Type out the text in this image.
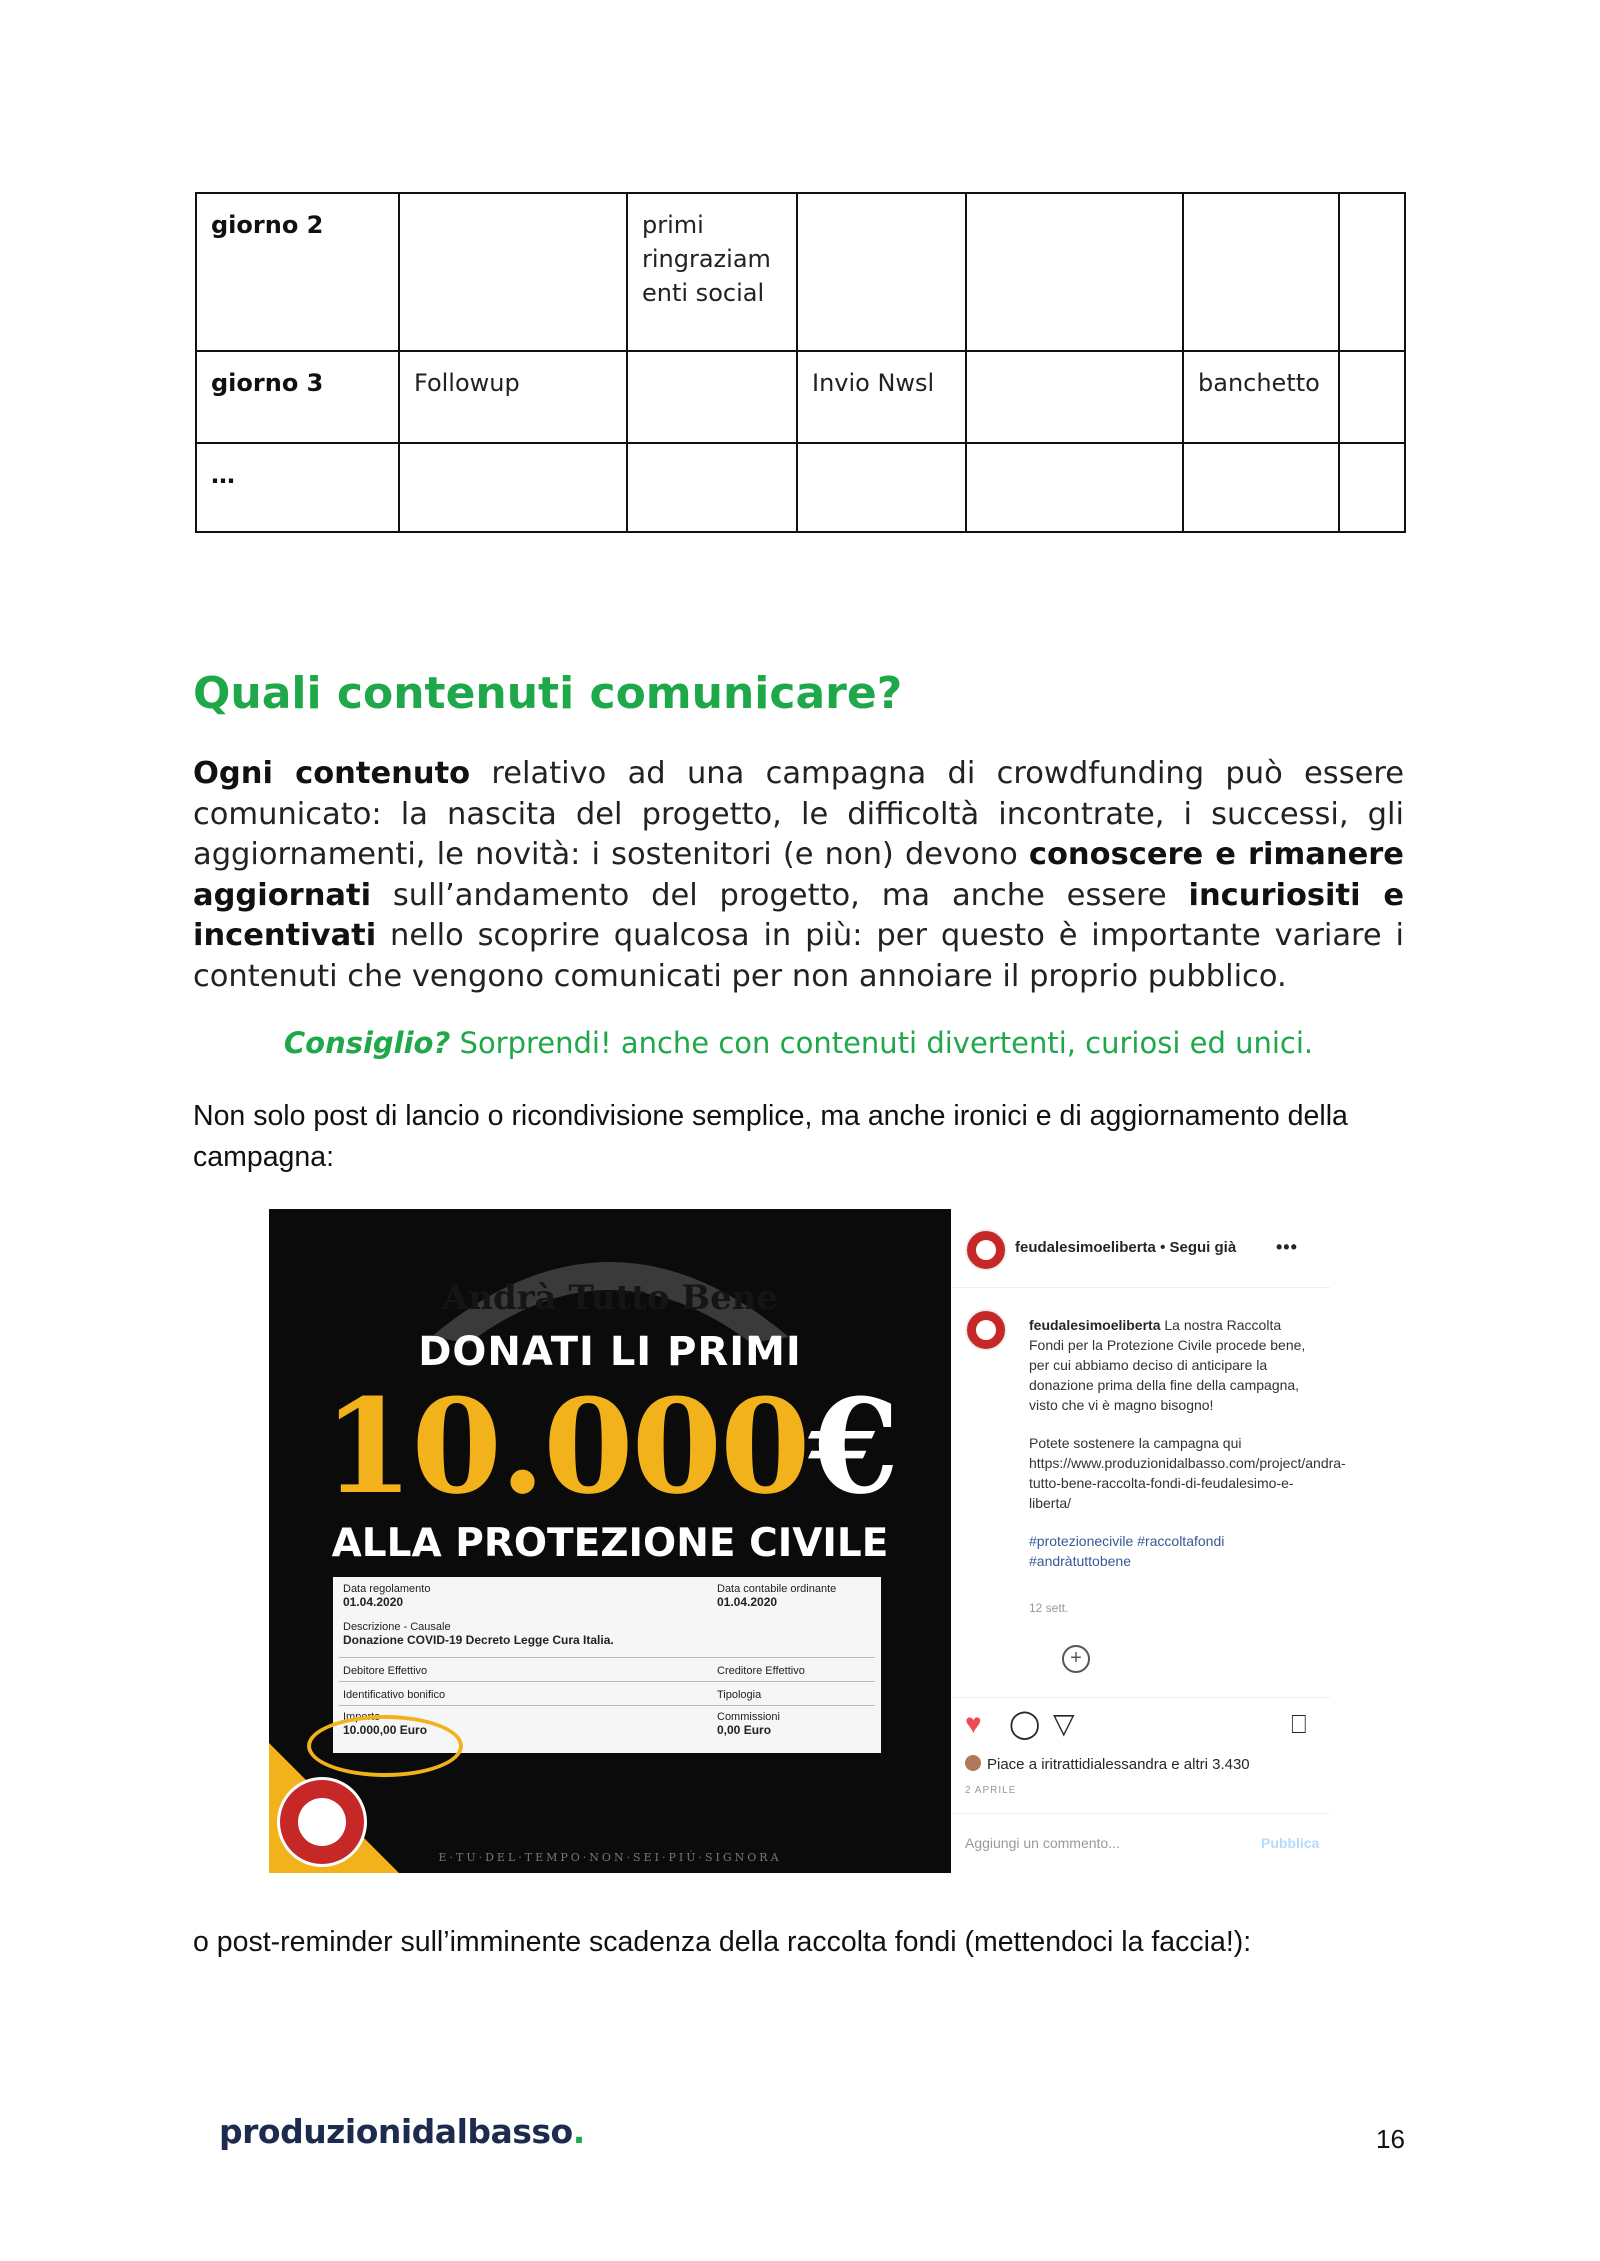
giorno 2		primi ringraziam enti social				
giorno 3	Followup		Invio Nwsl		banchetto	
…						
Quali contenuti comunicare?

Ogni contenuto relativo ad una campagna di crowdfunding può essere comunicato: la nascita del progetto, le difficoltà incontrate, i successi, gli aggiornamenti, le novità: i sostenitori (e non) devono conoscere e rimanere aggiornati sull’andamento del progetto, ma anche essere incuriositi e incentivati nello scoprire qualcosa in più: per questo è importante variare i contenuti che vengono comunicati per non annoiare il proprio pubblico.

Consiglio? Sorprendi! anche con contenuti divertenti, curiosi ed unici.

Non solo post di lancio o ricondivisione semplice, ma anche ironici e di aggiornamento della campagna:

Andrà Tutto Bene
DONATI LI PRIMI
10.000€
ALLA PROTEZIONE CIVILE
Data regolamento
01.04.2020
Data contabile ordinante
01.04.2020
Descrizione - Causale
Donazione COVID-19 Decreto Legge Cura Italia.
Debitore Effettivo	Creditore Effettivo
Identificativo bonifico	Tipologia
Importo
10.000,00 Euro
Commissioni
0,00 Euro
E·TU·DEL·TEMPO·NON·SEI·PIÙ·SIGNORA
feudalesimoeliberta • Segui già •••

feudalesimoeliberta La nostra Raccolta Fondi per la Protezione Civile procede bene, per cui abbiamo deciso di anticipare la donazione prima della fine della campagna, visto che vi è magno bisogno!

Potete sostenere la campagna qui https://www.produzionidalbasso.com/project/andra-tutto-bene-raccolta-fondi-di-feudalesimo-e-liberta/

#protezionecivile #raccoltafondi #andràtuttobene

12 sett.
+
♥ ◯ ▽	⎕
Piace a iritrattidialessandra e altri 3.430
2 APRILE
Aggiungi un commento...	Pubblica

o post-reminder sull’imminente scadenza della raccolta fondi (mettendoci la faccia!):

produzionidalbasso.	16
